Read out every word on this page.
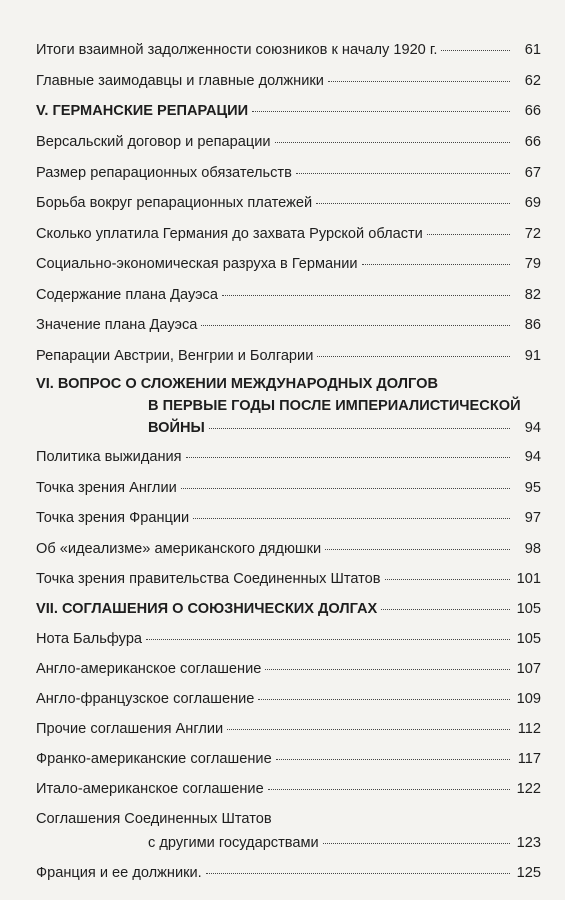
Итоги взаимной задолженности союзников к началу 1920 г.	61
Главные заимодавцы и главные должники	62
V. ГЕРМАНСКИЕ РЕПАРАЦИИ	66
Версальский договор и репарации	66
Размер репарационных обязательств	67
Борьба вокруг репарационных платежей	69
Сколько уплатила Германия до захвата Рурской области	72
Социально-экономическая разруха в Германии	79
Содержание плана Дауэса	82
Значение плана Дауэса	86
Репарации Австрии, Венгрии и Болгарии	91
VI. ВОПРОС О СЛОЖЕНИИ МЕЖДУНАРОДНЫХ ДОЛГОВ
В ПЕРВЫЕ ГОДЫ ПОСЛЕ ИМПЕРИАЛИСТИЧЕСКОЙ
ВОЙНЫ	94
Политика выжидания	94
Точка зрения Англии	95
Точка зрения Франции	97
Об «идеализме» американского дядюшки	98
Точка зрения правительства Соединенных Штатов	101
VII. СОГЛАШЕНИЯ О СОЮЗНИЧЕСКИХ ДОЛГАХ	105
Нота Бальфура	105
Англо-американское соглашение	107
Англо-французское соглашение	109
Прочие соглашения Англии	112
Франко-американские соглашение	117
Итало-американское соглашение	122
Соглашения Соединенных Штатов
с другими государствами	123
Франция и ее должники.	125
